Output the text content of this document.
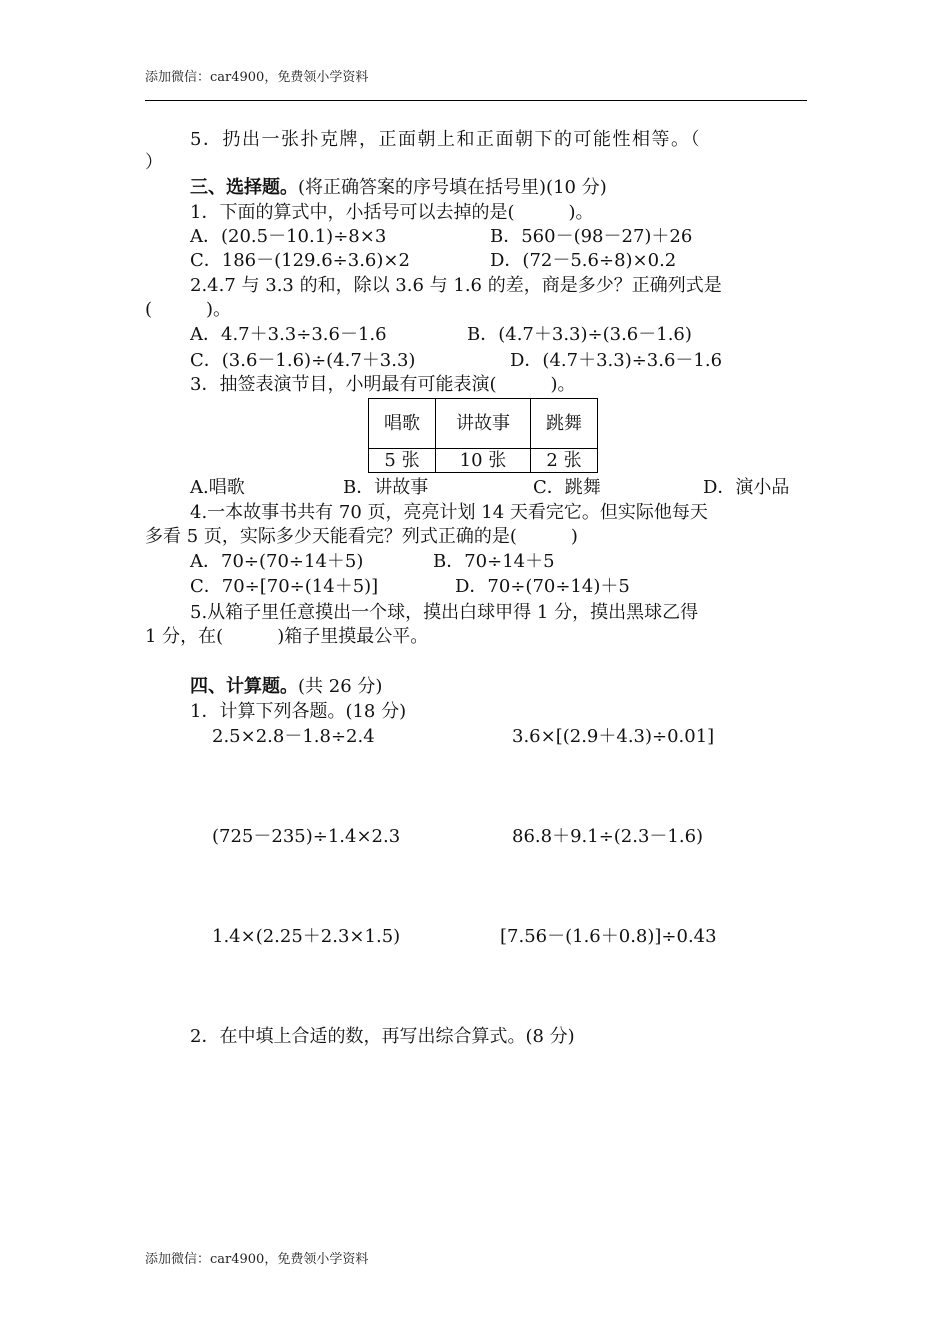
添加微信：car4900，免费领小学资料
5．扔出一张扑克牌，正面朝上和正面朝下的可能性相等。（
）
三、选择题。(将正确答案的序号填在括号里)(10 分)
1．下面的算式中，小括号可以去掉的是(　　　)。
A．(20.5－10.1)÷8×3	B．560－(98－27)＋26
C．186－(129.6÷3.6)×2	D．(72－5.6÷8)×0.2
2.4.7 与 3.3 的和，除以 3.6 与 1.6 的差，商是多少？正确列式是
(　　　)。
A．4.7＋3.3÷3.6－1.6	B．(4.7＋3.3)÷(3.6－1.6)
C．(3.6－1.6)÷(4.7＋3.3)	D．(4.7＋3.3)÷3.6－1.6
3．抽签表演节目，小明最有可能表演(　　　)。
唱歌	讲故事	跳舞
5 张	10 张	2 张
A.唱歌	B．讲故事	C．跳舞	D．演小品
4.一本故事书共有 70 页，亮亮计划 14 天看完它。但实际他每天
多看 5 页，实际多少天能看完？列式正确的是(　　　)
A．70÷(70÷14＋5)	B．70÷14＋5
C．70÷[70÷(14＋5)]	D．70÷(70÷14)＋5
5.从箱子里任意摸出一个球，摸出白球甲得 1 分，摸出黑球乙得
1 分，在(　　　)箱子里摸最公平。
四、计算题。(共 26 分)
1．计算下列各题。(18 分)
2.5×2.8－1.8÷2.4	3.6×[(2.9＋4.3)÷0.01]
(725－235)÷1.4×2.3	86.8＋9.1÷(2.3－1.6)
1.4×(2.25＋2.3×1.5)	[7.56－(1.6＋0.8)]÷0.43
2．在中填上合适的数，再写出综合算式。(8 分)
添加微信：car4900，免费领小学资料
